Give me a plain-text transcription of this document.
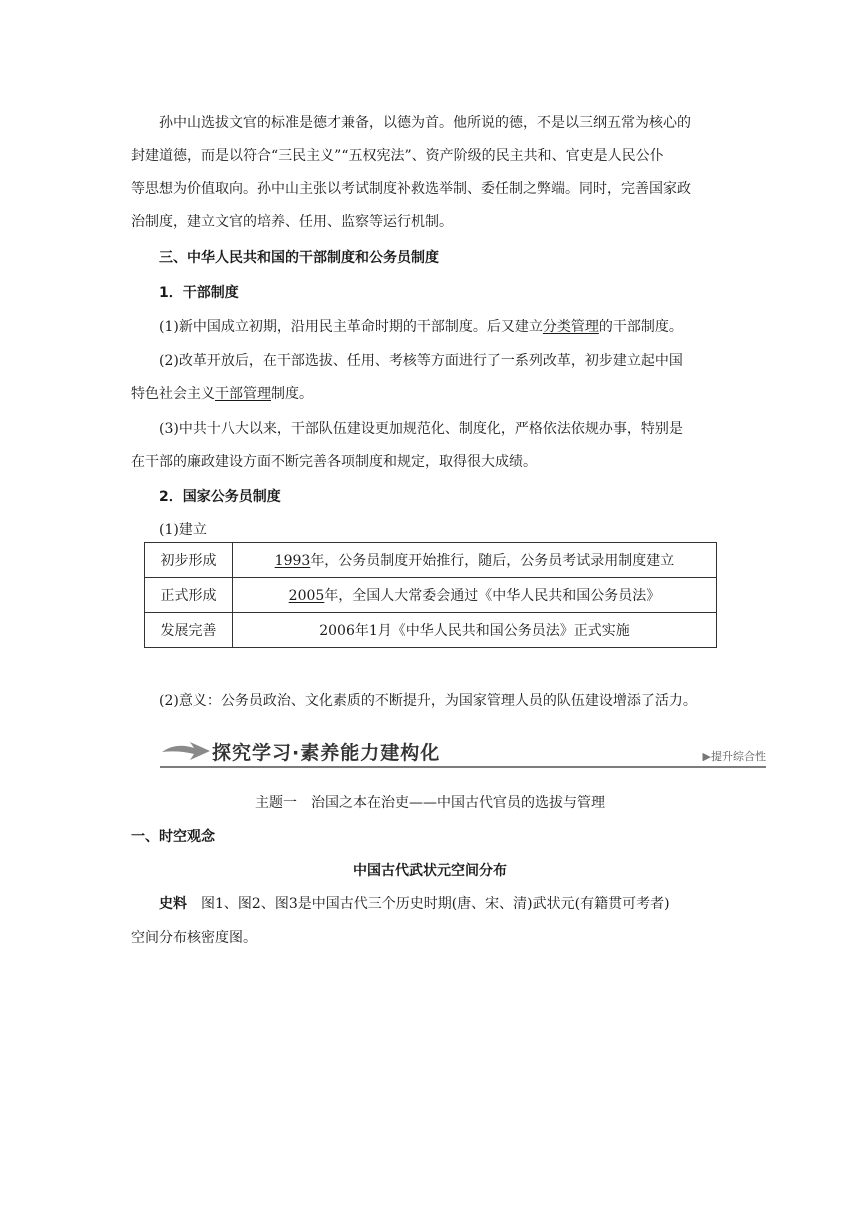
孙中山选拔文官的标准是德才兼备，以德为首。他所说的德，不是以三纲五常为核心的
封建道德，而是以符合“三民主义”“五权宪法”、资产阶级的民主共和、官吏是人民公仆
等思想为价值取向。孙中山主张以考试制度补救选举制、委任制之弊端。同时，完善国家政
治制度，建立文官的培养、任用、监察等运行机制。
三、中华人民共和国的干部制度和公务员制度
1．干部制度
(1)新中国成立初期，沿用民主革命时期的干部制度。后又建立分类管理的干部制度。
(2)改革开放后，在干部选拔、任用、考核等方面进行了一系列改革，初步建立起中国
特色社会主义干部管理制度。
(3)中共十八大以来，干部队伍建设更加规范化、制度化，严格依法依规办事，特别是
在干部的廉政建设方面不断完善各项制度和规定，取得很大成绩。
2．国家公务员制度
(1)建立
初步形成	1993年，公务员制度开始推行，随后，公务员考试录用制度建立
正式形成	2005年，全国人大常委会通过《中华人民共和国公务员法》
发展完善	2006年1月《中华人民共和国公务员法》正式实施
(2)意义：公务员政治、文化素质的不断提升，为国家管理人员的队伍建设增添了活力。
探究学习·素养能力建构化	▶提升综合性
主题一　治国之本在治吏——中国古代官员的选拔与管理
一、时空观念
中国古代武状元空间分布
史料　图1、图2、图3是中国古代三个历史时期(唐、宋、清)武状元(有籍贯可考者)
空间分布核密度图。
